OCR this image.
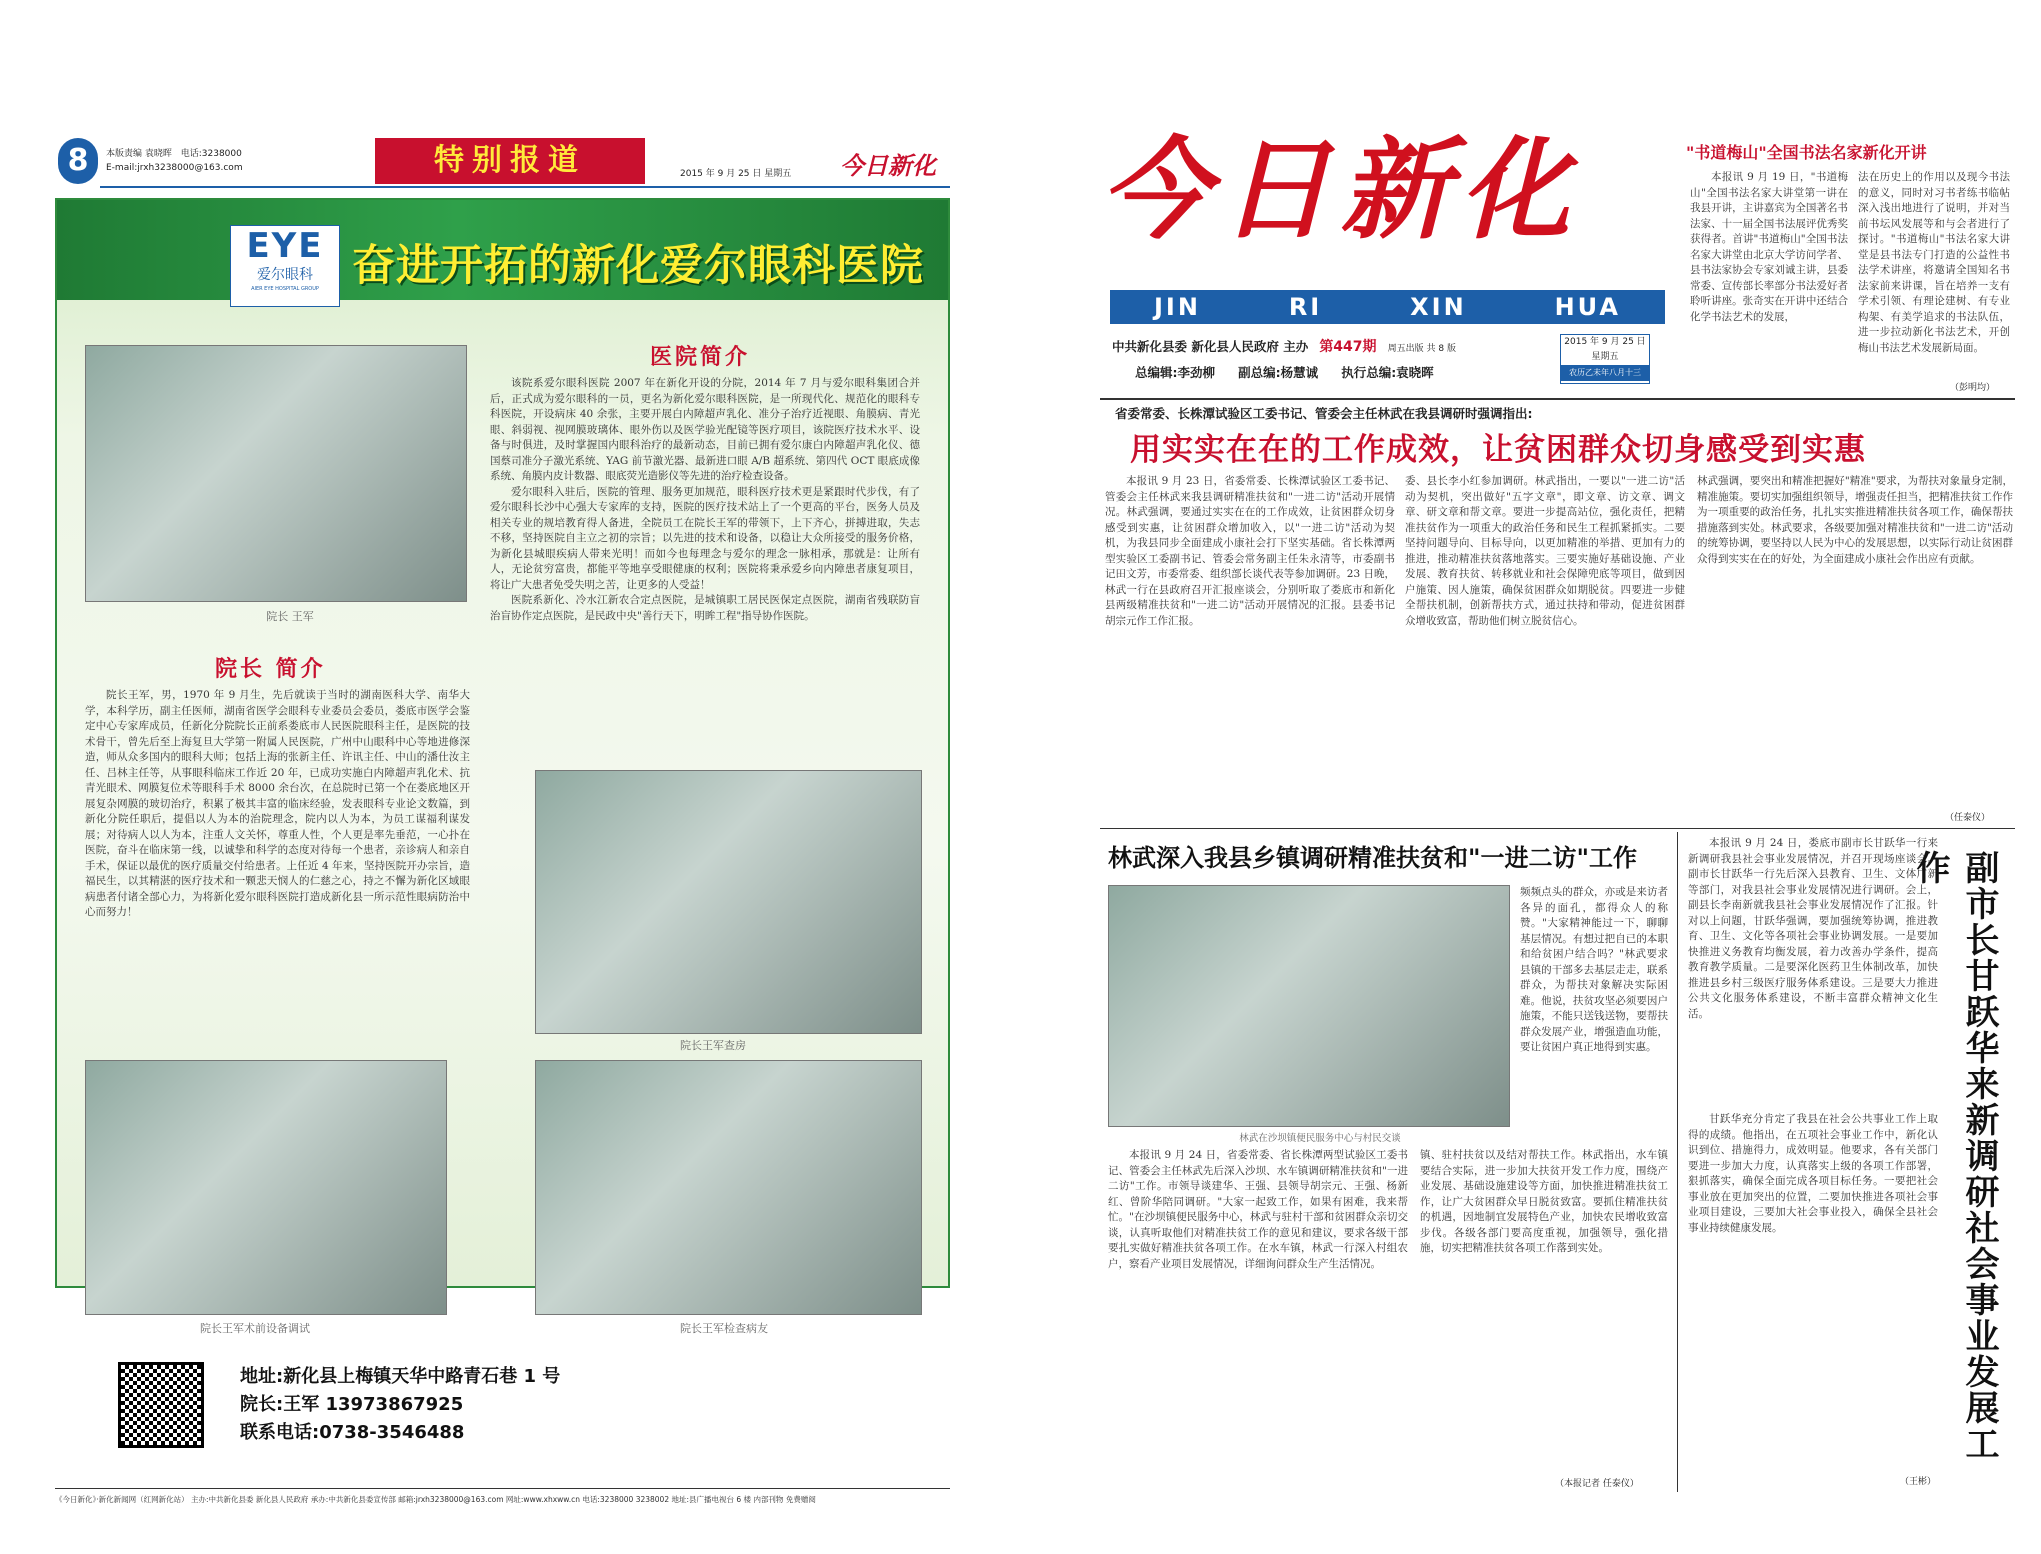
8	本版责编 袁晓晖 电话:3238000
E-mail:jrxh3238000@163.com	特别报道	2015 年 9 月 25 日 星期五	今日新化
EYE
爱尔眼科
AIER EYE HOSPITAL GROUP 奋进开拓的新化爱尔眼科医院
院长 王军
医院简介

该院系爱尔眼科医院 2007 年在新化开设的分院，2014 年 7 月与爱尔眼科集团合并后，正式成为爱尔眼科的一员，更名为新化爱尔眼科医院，是一所现代化、规范化的眼科专科医院，开设病床 40 余张，主要开展白内障超声乳化、准分子治疗近视眼、角膜病、青光眼、斜弱视、视网膜玻璃体、眼外伤以及医学验光配镜等医疗项目，该院医疗技术水平、设备与时俱进，及时掌握国内眼科治疗的最新动态，目前已拥有爱尔康白内障超声乳化仪、德国蔡司准分子激光系统、YAG 前节激光器、最新进口眼 A/B 超系统、第四代 OCT 眼底成像系统、角膜内皮计数器、眼底荧光造影仪等先进的治疗检查设备。

爱尔眼科入驻后，医院的管理、服务更加规范，眼科医疗技术更是紧跟时代步伐，有了爱尔眼科长沙中心强大专家库的支持，医院的医疗技术站上了一个更高的平台，医务人员及相关专业的规培教育得人备进，全院员工在院长王军的带领下，上下齐心，拼搏进取，失志不移，坚持医院自主立之初的宗旨；以先进的技术和设备，以稳让大众所接受的服务价格，为新化县城眼疾病人带来光明！而如今也每理念与爱尔的理念一脉相承，那就是：让所有人，无论贫穷富贵，都能平等地享受眼健康的权利；医院将秉承爱乡向内障患者康复项目，将让广大患者免受失明之苦，让更多的人受益！

医院系新化、冷水江新农合定点医院，是城镇职工居民医保定点医院，湖南省残联防盲治盲协作定点医院，是民政中央"善行天下，明眸工程"指导协作医院。

院长 简介

院长王军，男，1970 年 9 月生，先后就读于当时的湖南医科大学、南华大学，本科学历，副主任医师，湖南省医学会眼科专业委员会委员，娄底市医学会鉴定中心专家库成员，任新化分院院长正前系娄底市人民医院眼科主任，是医院的技术骨干，曾先后至上海复旦大学第一附属人民医院，广州中山眼科中心等地进修深造，师从众多国内的眼科大师；包括上海的张新主任、许讯主任、中山的潘仕汝主任、吕林主任等，从事眼科临床工作近 20 年，已成功实施白内障超声乳化术、抗青光眼术、网膜复位术等眼科手术 8000 余台次，在总院时已第一个在娄底地区开展复杂网膜的玻切治疗，积累了极其丰富的临床经验，发表眼科专业论文数篇，到新化分院任职后，提倡以人为本的治院理念，院内以人为本，为员工谋福利谋发展；对待病人以人为本，注重人文关怀，尊重人性，个人更是率先垂范，一心扑在医院，奋斗在临床第一线，以诚挚和科学的态度对待每一个患者，亲诊病人和亲自手术，保证以最优的医疗质量交付给患者。上任近 4 年来，坚持医院开办宗旨，造福民生，以其精湛的医疗技术和一颗悲天悯人的仁慈之心，持之不懈为新化区域眼病患者付诸全部心力，为将新化爱尔眼科医院打造成新化县一所示范性眼病防治中心而努力！

院长王军查房
院长王军术前设备调试	院长王军检查病友
地址:新化县上梅镇天华中路青石巷 1 号
院长:王军 13973867925
联系电话:0738-3546488
《今日新化》·新化新闻网（红网新化站） 主办:中共新化县委 新化县人民政府 承办:中共新化县委宣传部 邮箱:jrxh3238000@163.com 网址:www.xhxww.cn 电话:3238000 3238002 地址:县广播电视台 6 楼 内部刊物 免费赠阅
今日新化
JIN	RI	XIN	HUA
中共新化县委 新化县人民政府 主办 第447期 周五出版 共 8 版
总编辑:李劲柳 副总编:杨慧诚 执行总编:袁晓晖
2015 年 9 月 25 日
星期五
农历乙未年八月十三
"书道梅山"全国书法名家新化开讲

本报讯 9 月 19 日，"书道梅山"全国书法名家大讲堂第一讲在我县开讲，主讲嘉宾为全国著名书法家、十一届全国书法展评优秀奖获得者。首讲"书道梅山"全国书法名家大讲堂由北京大学访问学者、县书法家协会专家刘诚主讲，县委常委、宣传部长率部分书法爱好者聆听讲座。张奇实在开讲中还结合化学书法艺术的发展，

法在历史上的作用以及现今书法的意义，同时对习书者练书临帖深入浅出地进行了说明，并对当前书坛风发展等和与会者进行了探讨。"书道梅山"书法名家大讲堂是县书法专门打造的公益性书法学术讲座，将邀请全国知名书法家前来讲课，旨在培养一支有学术引领、有理论建树、有专业构架、有美学追求的书法队伍，进一步拉动新化书法艺术，开创梅山书法艺术发展新局面。

（彭明均）
省委常委、长株潭试验区工委书记、管委会主任林武在我县调研时强调指出:
用实实在在的工作成效，让贫困群众切身感受到实惠

本报讯 9 月 23 日，省委常委、长株潭试验区工委书记、管委会主任林武来我县调研精准扶贫和"一进二访"活动开展情况。林武强调，要通过实实在在的工作成效，让贫困群众切身感受到实惠，让贫困群众增加收入，以"一进二访"活动为契机，为我县同步全面建成小康社会打下坚实基础。省长株潭两型实验区工委副书记、管委会常务副主任朱永清等，市委副书记田文芳，市委常委、组织部长谈代表等参加调研。23 日晚，林武一行在县政府召开汇报座谈会，分别听取了娄底市和新化县两级精准扶贫和"一进二访"活动开展情况的汇报。县委书记胡宗元作工作汇报。

委、县长李小红参加调研。林武指出，一要以"一进二访"活动为契机，突出做好"五字文章"，即文章、访文章、调文章、研文章和帮文章。要进一步提高站位，强化责任，把精准扶贫作为一项重大的政治任务和民生工程抓紧抓实。二要坚持问题导向、目标导向，以更加精准的举措、更加有力的推进，推动精准扶贫落地落实。三要实施好基础设施、产业发展、教育扶贫、转移就业和社会保障兜底等项目，做到因户施策、因人施策，确保贫困群众如期脱贫。四要进一步健全帮扶机制，创新帮扶方式，通过扶持和带动，促进贫困群众增收致富，帮助他们树立脱贫信心。

林武强调，要突出和精准把握好"精准"要求，为帮扶对象量身定制，精准施策。要切实加强组织领导，增强责任担当，把精准扶贫工作作为一项重要的政治任务，扎扎实实推进精准扶贫各项工作，确保帮扶措施落到实处。林武要求，各级要加强对精准扶贫和"一进二访"活动的统筹协调，要坚持以人民为中心的发展思想，以实际行动让贫困群众得到实实在在的好处，为全面建成小康社会作出应有贡献。

（任泰仪）
林武深入我县乡镇调研精准扶贫和"一进二访"工作
林武在沙坝镇便民服务中心与村民交谈

频频点头的群众，亦或是来访者各异的面孔，都得众人的称赞。"大家精神能过一下，聊聊基层情况。有想过把自已的本职和给贫困户结合吗？"林武要求县镇的干部多去基层走走，联系群众，为帮扶对象解决实际困难。他说，扶贫攻坚必须要因户施策，不能只送钱送物，要帮扶群众发展产业，增强造血功能，要让贫困户真正地得到实惠。

本报讯 9 月 24 日，省委常委、省长株潭两型试验区工委书记、管委会主任林武先后深入沙坝、水车镇调研精准扶贫和"一进二访"工作。市领导谈建华、王强、县领导胡宗元、王强、杨新红、曾阶华陪同调研。"大家一起致工作，如果有困难，我来帮忙。"在沙坝镇便民服务中心，林武与驻村干部和贫困群众亲切交谈，认真听取他们对精准扶贫工作的意见和建议，要求各级干部要扎实做好精准扶贫各项工作。在水车镇，林武一行深入村组农户，察看产业项目发展情况，详细询问群众生产生活情况。

镇、驻村扶贫以及结对帮扶工作。林武指出，水车镇要结合实际，进一步加大扶贫开发工作力度，围绕产业发展、基础设施建设等方面，加快推进精准扶贫工作，让广大贫困群众早日脱贫致富。要抓住精准扶贫的机遇，因地制宜发展特色产业，加快农民增收致富步伐。各级各部门要高度重视，加强领导，强化措施，切实把精准扶贫各项工作落到实处。

（本报记者 任泰仪）

本报讯 9 月 24 日，娄底市副市长甘跃华一行来新调研我县社会事业发展情况，并召开现场座谈会。副市长甘跃华一行先后深入县教育、卫生、文体广新等部门，对我县社会事业发展情况进行调研。会上，副县长李南新就我县社会事业发展情况作了汇报。针对以上问题，甘跃华强调，要加强统筹协调，推进教育、卫生、文化等各项社会事业协调发展。一是要加快推进义务教育均衡发展，着力改善办学条件，提高教育教学质量。二是要深化医药卫生体制改革，加快推进县乡村三级医疗服务体系建设。三是要大力推进公共文化服务体系建设，不断丰富群众精神文化生活。

甘跃华充分肯定了我县在社会公共事业工作上取得的成绩。他指出，在五项社会事业工作中，新化认识到位、措施得力，成效明显。他要求，各有关部门要进一步加大力度，认真落实上级的各项工作部署，狠抓落实，确保全面完成各项目标任务。一要把社会事业放在更加突出的位置，二要加快推进各项社会事业项目建设，三要加大社会事业投入，确保全县社会事业持续健康发展。

（王彬）
副市长甘跃华来新调研社会事业发展工作
